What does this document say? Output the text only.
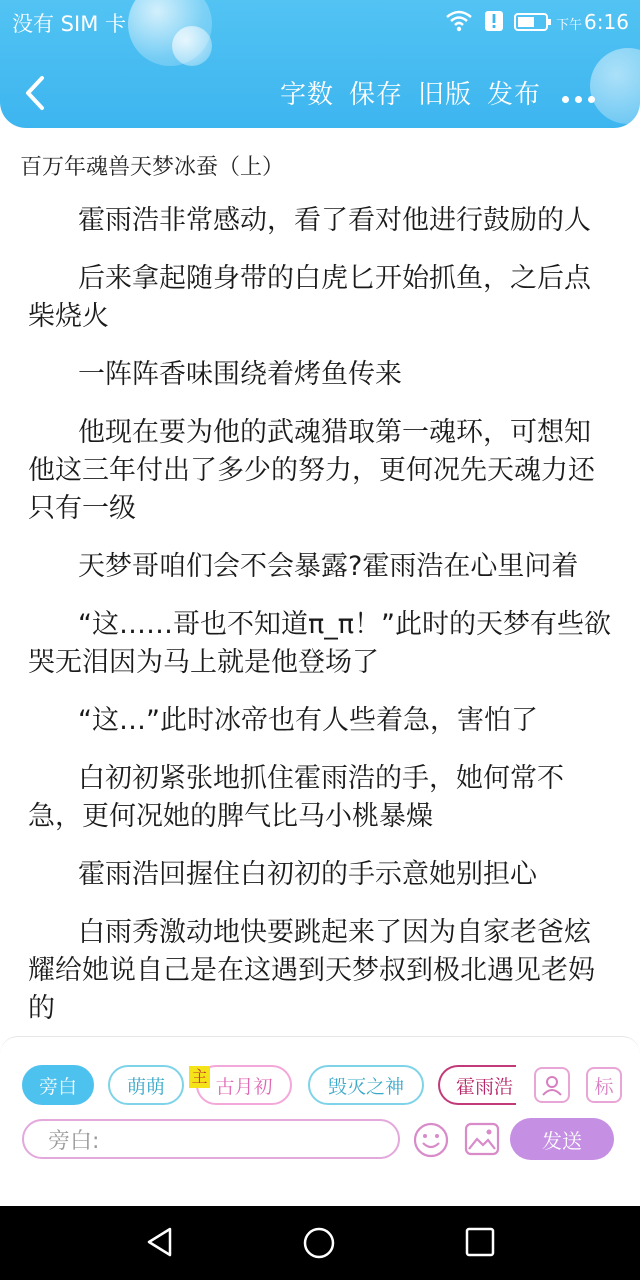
没有 SIM 卡	下午 6:16
字数 保存 旧版 发布
百万年魂兽天梦冰蚕（上）

霍雨浩非常感动，看了看对他进行鼓励的人

后来拿起随身带的白虎匕开始抓鱼，之后点柴烧火

一阵阵香味围绕着烤鱼传来

他现在要为他的武魂猎取第一魂环，可想知他这三年付出了多少的努力，更何况先天魂力还只有一级

天梦哥咱们会不会暴露?霍雨浩在心里问着

“这……哥也不知道π_π！”此时的天梦有些欲哭无泪因为马上就是他登场了

“这…”此时冰帝也有人些着急，害怕了

白初初紧张地抓住霍雨浩的手，她何常不急，更何况她的脾气比马小桃暴燥

霍雨浩回握住白初初的手示意她别担心

白雨秀激动地快要跳起来了因为自家老爸炫耀给她说自己是在这遇到天梦叔到极北遇见老妈的

旁白	萌萌	古月初	毁灭之神	霍雨浩	标
旁白:	发送
主
